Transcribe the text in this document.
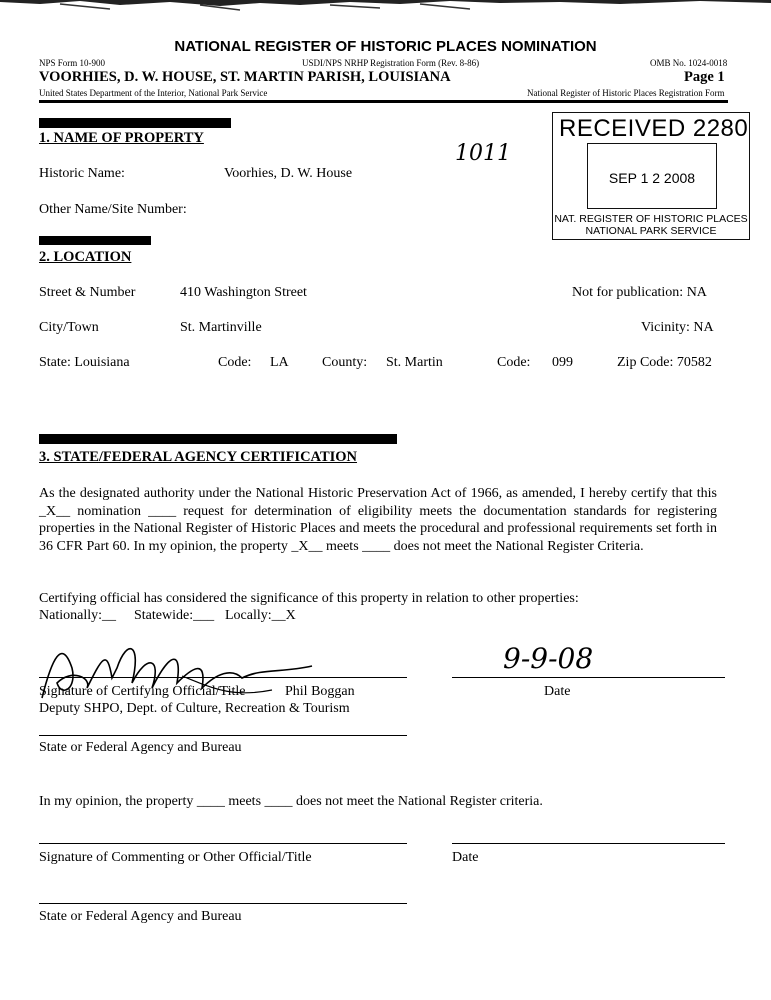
NATIONAL REGISTER OF HISTORIC PLACES NOMINATION
NPS Form 10-900	USDI/NPS NRHP Registration Form (Rev. 8-86)	OMB No. 1024-0018
VOORHIES, D. W. HOUSE, ST. MARTIN PARISH, LOUISIANA	Page 1
United States Department of the Interior, National Park Service	National Register of Historic Places Registration Form
1. NAME OF PROPERTY
1011
RECEIVED 2280
SEP 1 2 2008
NAT. REGISTER OF HISTORIC PLACES
NATIONAL PARK SERVICE
Historic Name:	Voorhies, D. W. House
Other Name/Site Number:
2. LOCATION
Street & Number	410 Washington Street	Not for publication: NA
City/Town	St. Martinville	Vicinity: NA
State: Louisiana	Code: LA County: St. Martin	Code: 099	Zip Code: 70582
3. STATE/FEDERAL AGENCY CERTIFICATION
As the designated authority under the National Historic Preservation Act of 1966, as amended, I hereby certify that this _X__ nomination ____ request for determination of eligibility meets the documentation standards for registering properties in the National Register of Historic Places and meets the procedural and professional requirements set forth in 36 CFR Part 60. In my opinion, the property _X__ meets ____ does not meet the National Register Criteria.
Certifying official has considered the significance of this property in relation to other properties:
Nationally:__ Statewide:___ Locally:__X
9-9-08
Signature of Certifying Official/Title	Phil Boggan	Date
Deputy SHPO, Dept. of Culture, Recreation & Tourism
State or Federal Agency and Bureau
In my opinion, the property ____ meets ____ does not meet the National Register criteria.
Signature of Commenting or Other Official/Title	Date
State or Federal Agency and Bureau
